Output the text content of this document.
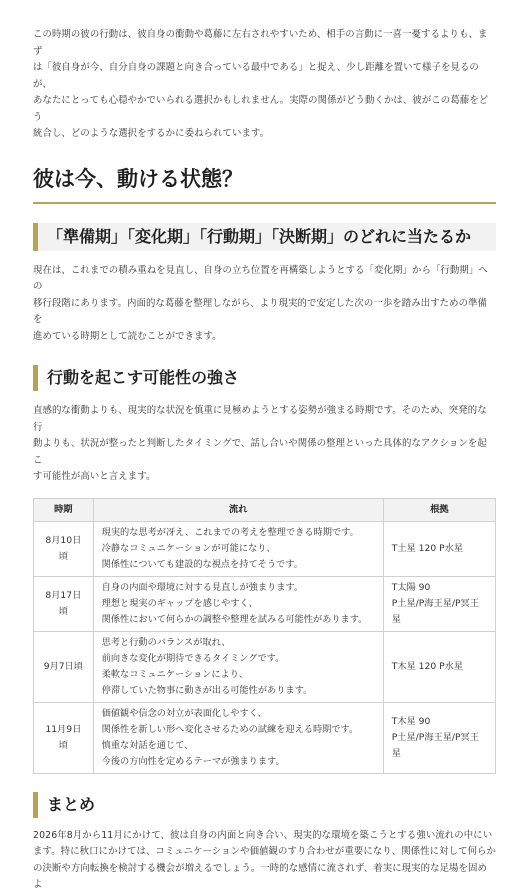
この時期の彼の行動は、彼自身の衝動や葛藤に左右されやすいため、相手の言動に一喜一憂するよりも、まず
は「彼自身が今、自分自身の課題と向き合っている最中である」と捉え、少し距離を置いて様子を見るのが、
あなたにとっても心穏やかでいられる選択かもしれません。実際の関係がどう動くかは、彼がこの葛藤をどう
統合し、どのような選択をするかに委ねられています。

彼は今、動ける状態？
「準備期」「変化期」「行動期」「決断期」のどれに当たるか

現在は、これまでの積み重ねを見直し、自身の立ち位置を再構築しようとする「変化期」から「行動期」への
移行段階にあります。内面的な葛藤を整理しながら、より現実的で安定した次の一歩を踏み出すための準備を
進めている時期として読むことができます。

行動を起こす可能性の強さ

直感的な衝動よりも、現実的な状況を慎重に見極めようとする姿勢が強まる時期です。そのため、突発的な行
動よりも、状況が整ったと判断したタイミングで、話し合いや関係の整理といった具体的なアクションを起こ
す可能性が高いと言えます。

時期	流れ	根拠
8月10日頃	現実的な思考が冴え、これまでの考えを整理できる時期です。
冷静なコミュニケーションが可能になり、
関係性についても建設的な視点を持てそうです。	T土星 120 P水星

8月17日頃	自身の内面や環境に対する見直しが強まります。
理想と現実のギャップを感じやすく、
関係性において何らかの調整や整理を試みる可能性があります。	T太陽 90
P土星/P海王星/P冥王星

9月7日頃	思考と行動のバランスが取れ、
前向きな変化が期待できるタイミングです。
柔軟なコミュニケーションにより、
停滞していた物事に動きが出る可能性があります。	T木星 120 P水星

11月9日頃	価値観や信念の対立が表面化しやすく、
関係性を新しい形へ変化させるための試練を迎える時期です。
慎重な対話を通じて、
今後の方向性を定めるテーマが強まります。	T木星 90
P土星/P海王星/P冥王星
まとめ

2026年8月から11月にかけて、彼は自身の内面と向き合い、現実的な環境を築こうとする強い流れの中にい
ます。特に秋口にかけては、コミュニケーションや価値観のすり合わせが重要になり、関係性に対して何らか
の決断や方向転換を検討する機会が増えるでしょう。一時的な感情に流されず、着実に現実的な足場を固めよ
